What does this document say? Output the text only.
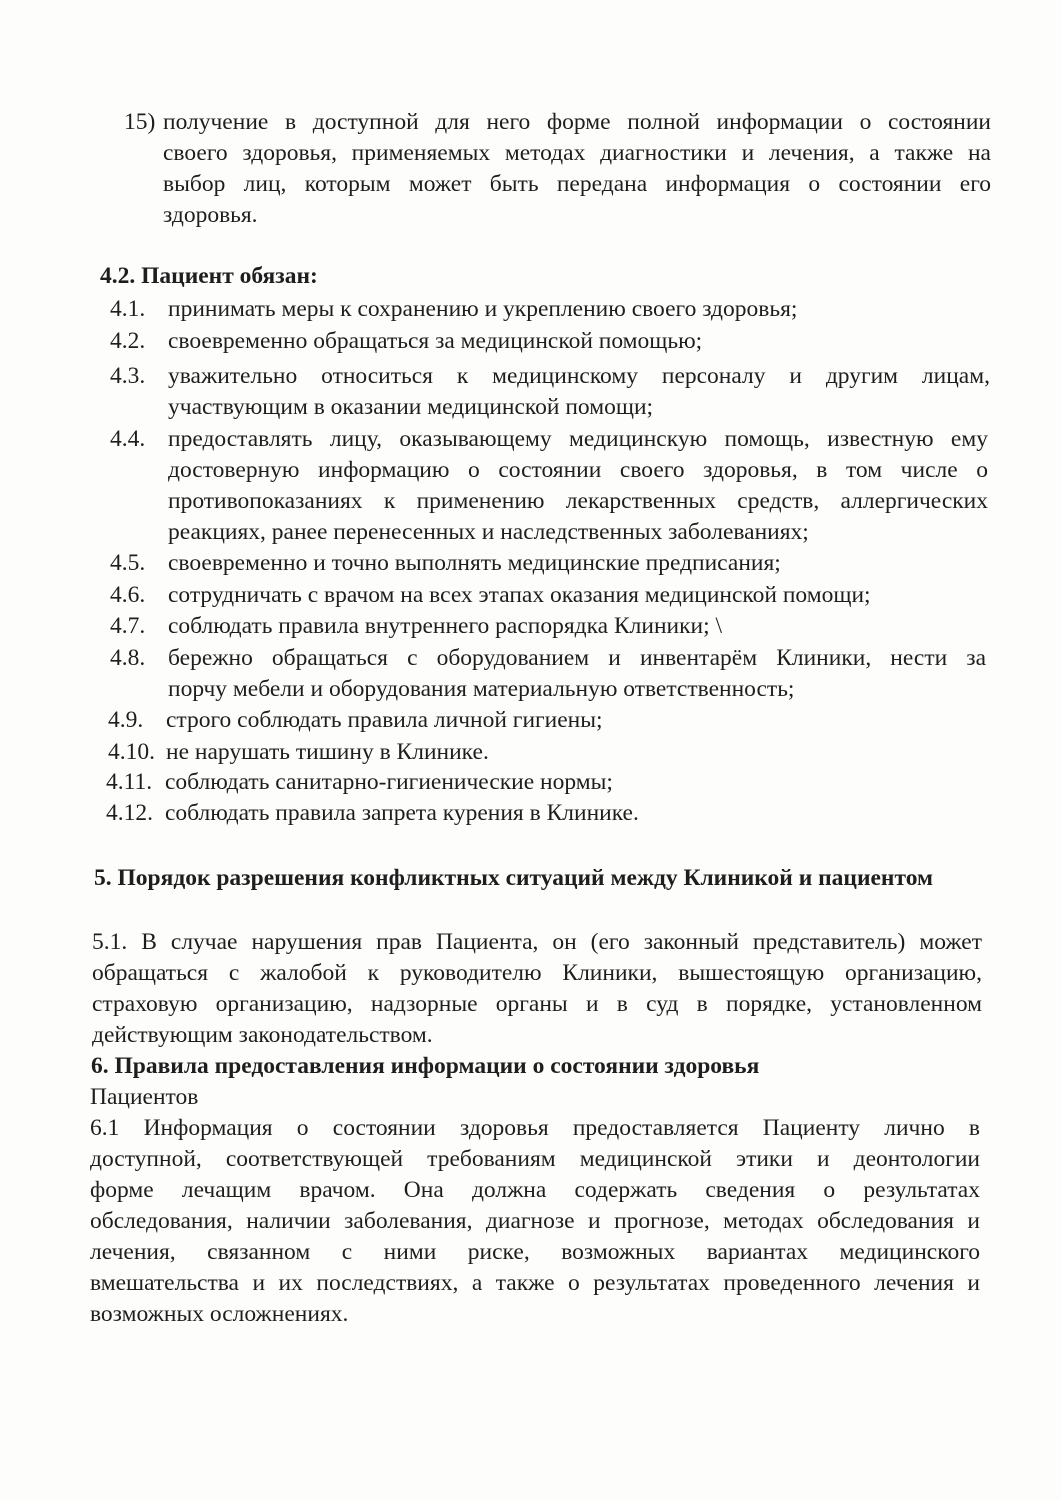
15) получение в доступной для него форме полной информации о состоянии
своего здоровья, применяемых методах диагностики и лечения, а также на
выбор лиц, которым может быть передана информация о состоянии его
здоровья.
4.2. Пациент обязан:
4.1. принимать меры к сохранению и укреплению своего здоровья;
4.2. своевременно обращаться за медицинской помощью;
4.3. уважительно относиться к медицинскому персоналу и другим лицам,
участвующим в оказании медицинской помощи;
4.4. предоставлять лицу, оказывающему медицинскую помощь, известную ему
достоверную информацию о состоянии своего здоровья, в том числе о
противопоказаниях к применению лекарственных средств, аллергических
реакциях, ранее перенесенных и наследственных заболеваниях;
4.5. своевременно и точно выполнять медицинские предписания;
4.6. сотрудничать с врачом на всех этапах оказания медицинской помощи;
4.7. соблюдать правила внутреннего распорядка Клиники; \
4.8. бережно обращаться с оборудованием и инвентарём Клиники, нести за
порчу мебели и оборудования материальную ответственность;
4.9. строго соблюдать правила личной гигиены;
4.10. не нарушать тишину в Клинике.
4.11. соблюдать санитарно-гигиенические нормы;
4.12. соблюдать правила запрета курения в Клинике.
5. Порядок разрешения конфликтных ситуаций между Клиникой и пациентом
5.1. В случае нарушения прав Пациента, он (его законный представитель) может
обращаться с жалобой к руководителю Клиники, вышестоящую организацию,
страховую организацию, надзорные органы и в суд в порядке, установленном
действующим законодательством.
6. Правила предоставления информации о состоянии здоровья
Пациентов
6.1 Информация о состоянии здоровья предоставляется Пациенту лично в
доступной, соответствующей требованиям медицинской этики и деонтологии
форме лечащим врачом. Она должна содержать сведения о результатах
обследования, наличии заболевания, диагнозе и прогнозе, методах обследования и
лечения, связанном с ними риске, возможных вариантах медицинского
вмешательства и их последствиях, а также о результатах проведенного лечения и
возможных осложнениях.
